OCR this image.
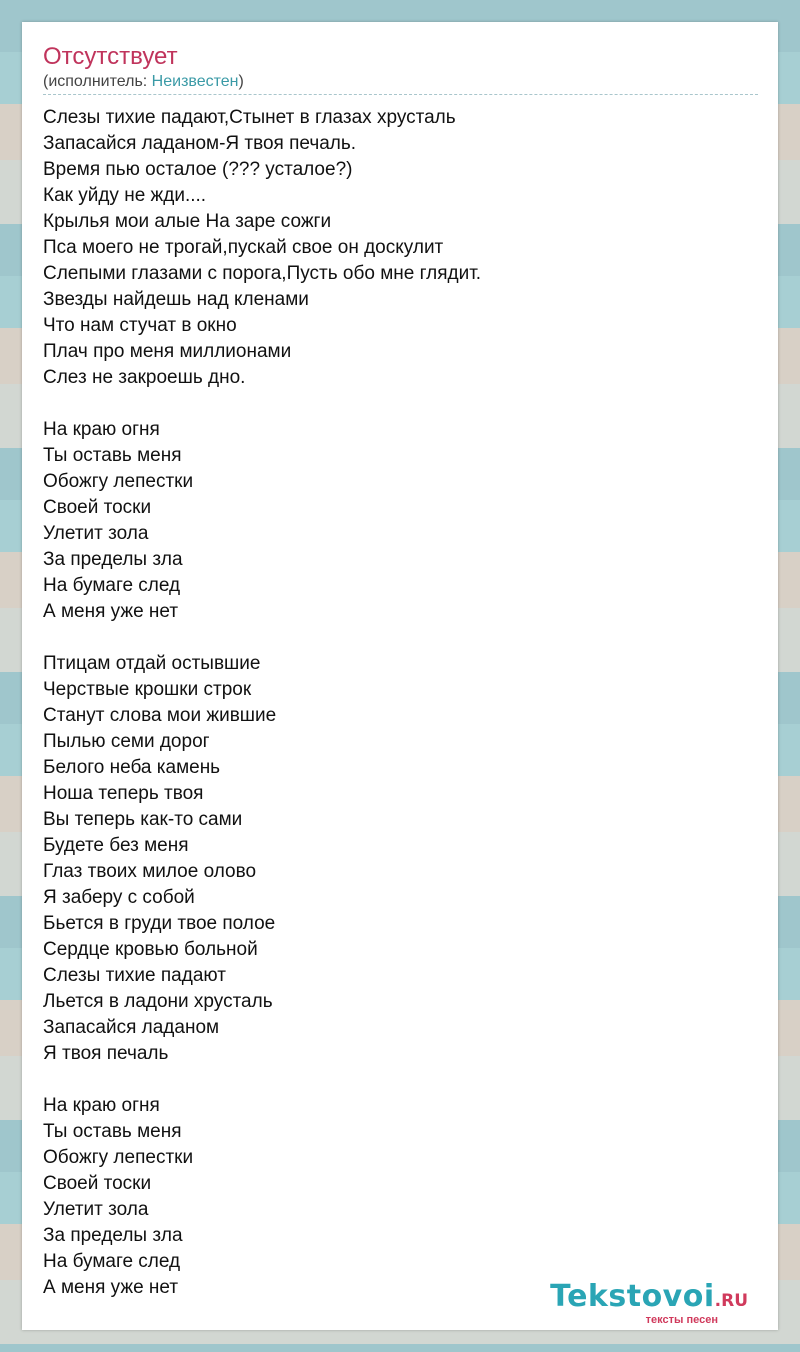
Отсутствует
(исполнитель: Неизвестен)
Слезы тихие падают,Стынет в глазах хрусталь
Запасайся ладаном-Я твоя печаль.
Время пью осталое (??? усталое?)
Как уйду не жди....
Крылья мои алые На заре сожги
Пса моего не трогай,пускай свое он доскулит
Слепыми глазами с порога,Пусть обо мне глядит.
Звезды найдешь над кленами
Что нам стучат в окно
Плач про меня миллионами
Слез не закроешь дно.
На краю огня
Ты оставь меня
Обожгу лепестки
Своей тоски
Улетит зола
За пределы зла
На бумаге след
А меня уже нет
Птицам отдай остывшие
Черствые крошки строк
Станут слова мои жившие
Пылью семи дорог
Белого неба камень
Ноша теперь твоя
Вы теперь как-то сами
Будете без меня
Глаз твоих милое олово
Я заберу с собой
Бьется в груди твое полое
Сердце кровью больной
Слезы тихие падают
Льется в ладони хрусталь
Запасайся ладаном
Я твоя печаль
На краю огня
Ты оставь меня
Обожгу лепестки
Своей тоски
Улетит зола
За пределы зла
На бумаге след
А меня уже нет	Tekstovoi.RU
тексты песен
